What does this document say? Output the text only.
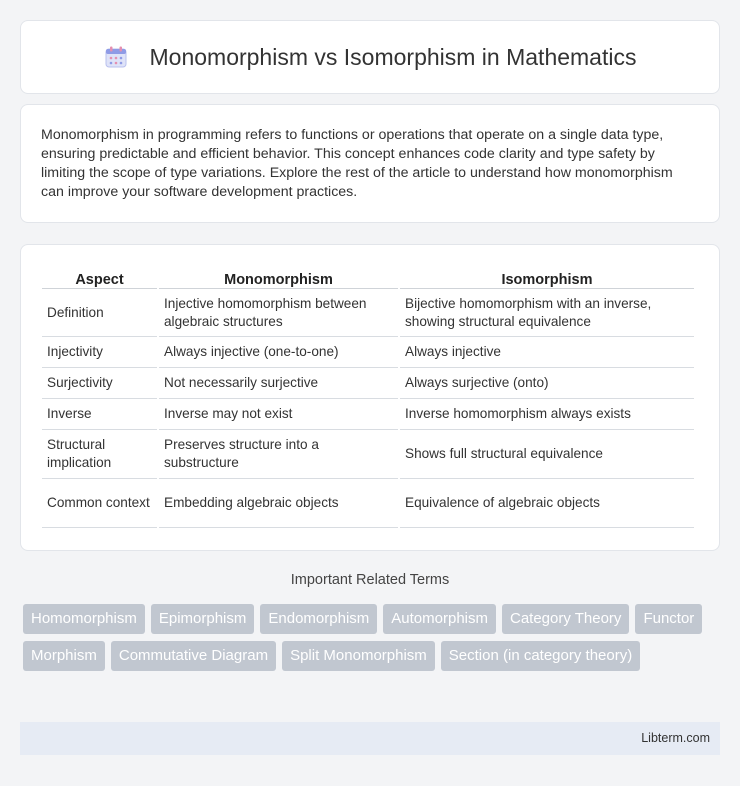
Monomorphism vs Isomorphism in Mathematics

Monomorphism in programming refers to functions or operations that operate on a single data type, ensuring predictable and efficient behavior. This concept enhances code clarity and type safety by limiting the scope of type variations. Explore the rest of the article to understand how monomorphism can improve your software development practices.

Aspect	Monomorphism	Isomorphism
Definition	Injective homomorphism between algebraic structures	Bijective homomorphism with an inverse, showing structural equivalence
Injectivity	Always injective (one-to-one)	Always injective
Surjectivity	Not necessarily surjective	Always surjective (onto)
Inverse	Inverse may not exist	Inverse homomorphism always exists
Structural implication	Preserves structure into a substructure	Shows full structural equivalence
Common context	Embedding algebraic objects	Equivalence of algebraic objects
Important Related Terms
Homomorphism	Epimorphism	Endomorphism	Automorphism	Category Theory	Functor
Morphism	Commutative Diagram	Split Monomorphism	Section (in category theory)
Libterm.com
